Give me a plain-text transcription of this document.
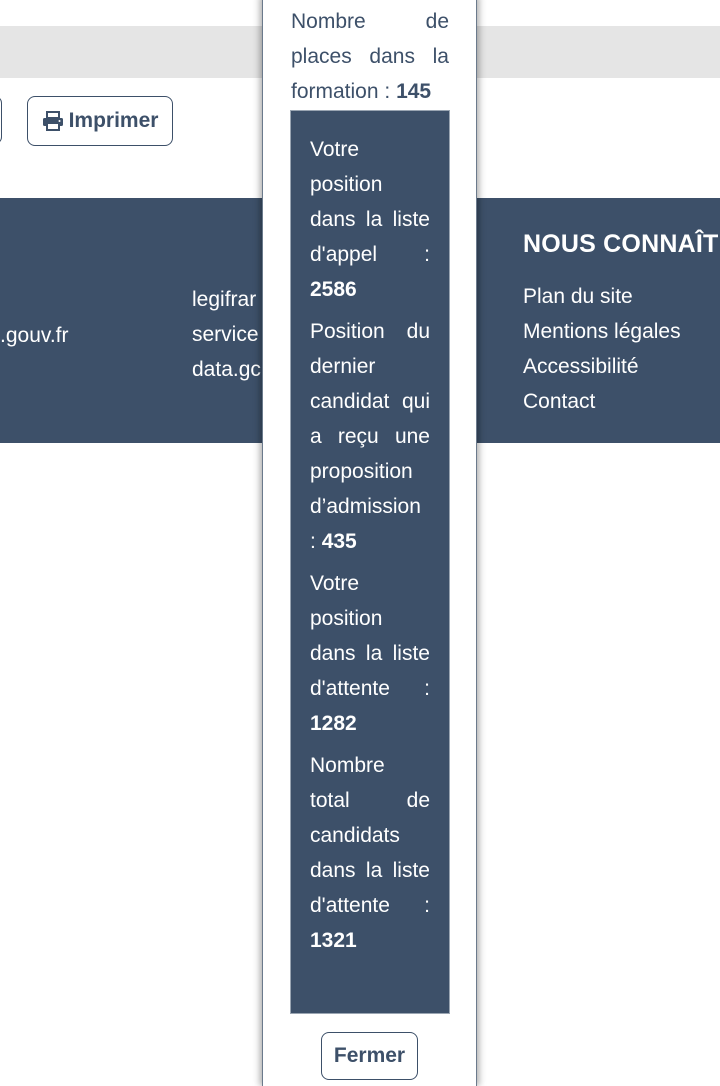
Imprimer
.gouv.fr
legifrar
service
data.gc
NOUS CONNAÎT
Plan du site
Mentions légales
Accessibilité
Contact
Nombre de places dans la formation : 145
Votre position dans la liste d'appel :
2586
Position du dernier candidat qui a reçu une proposition d’admission : 435
Votre position dans la liste d'attente :
1282
Nombre total de candidats dans la liste d'attente :
1321
Fermer
